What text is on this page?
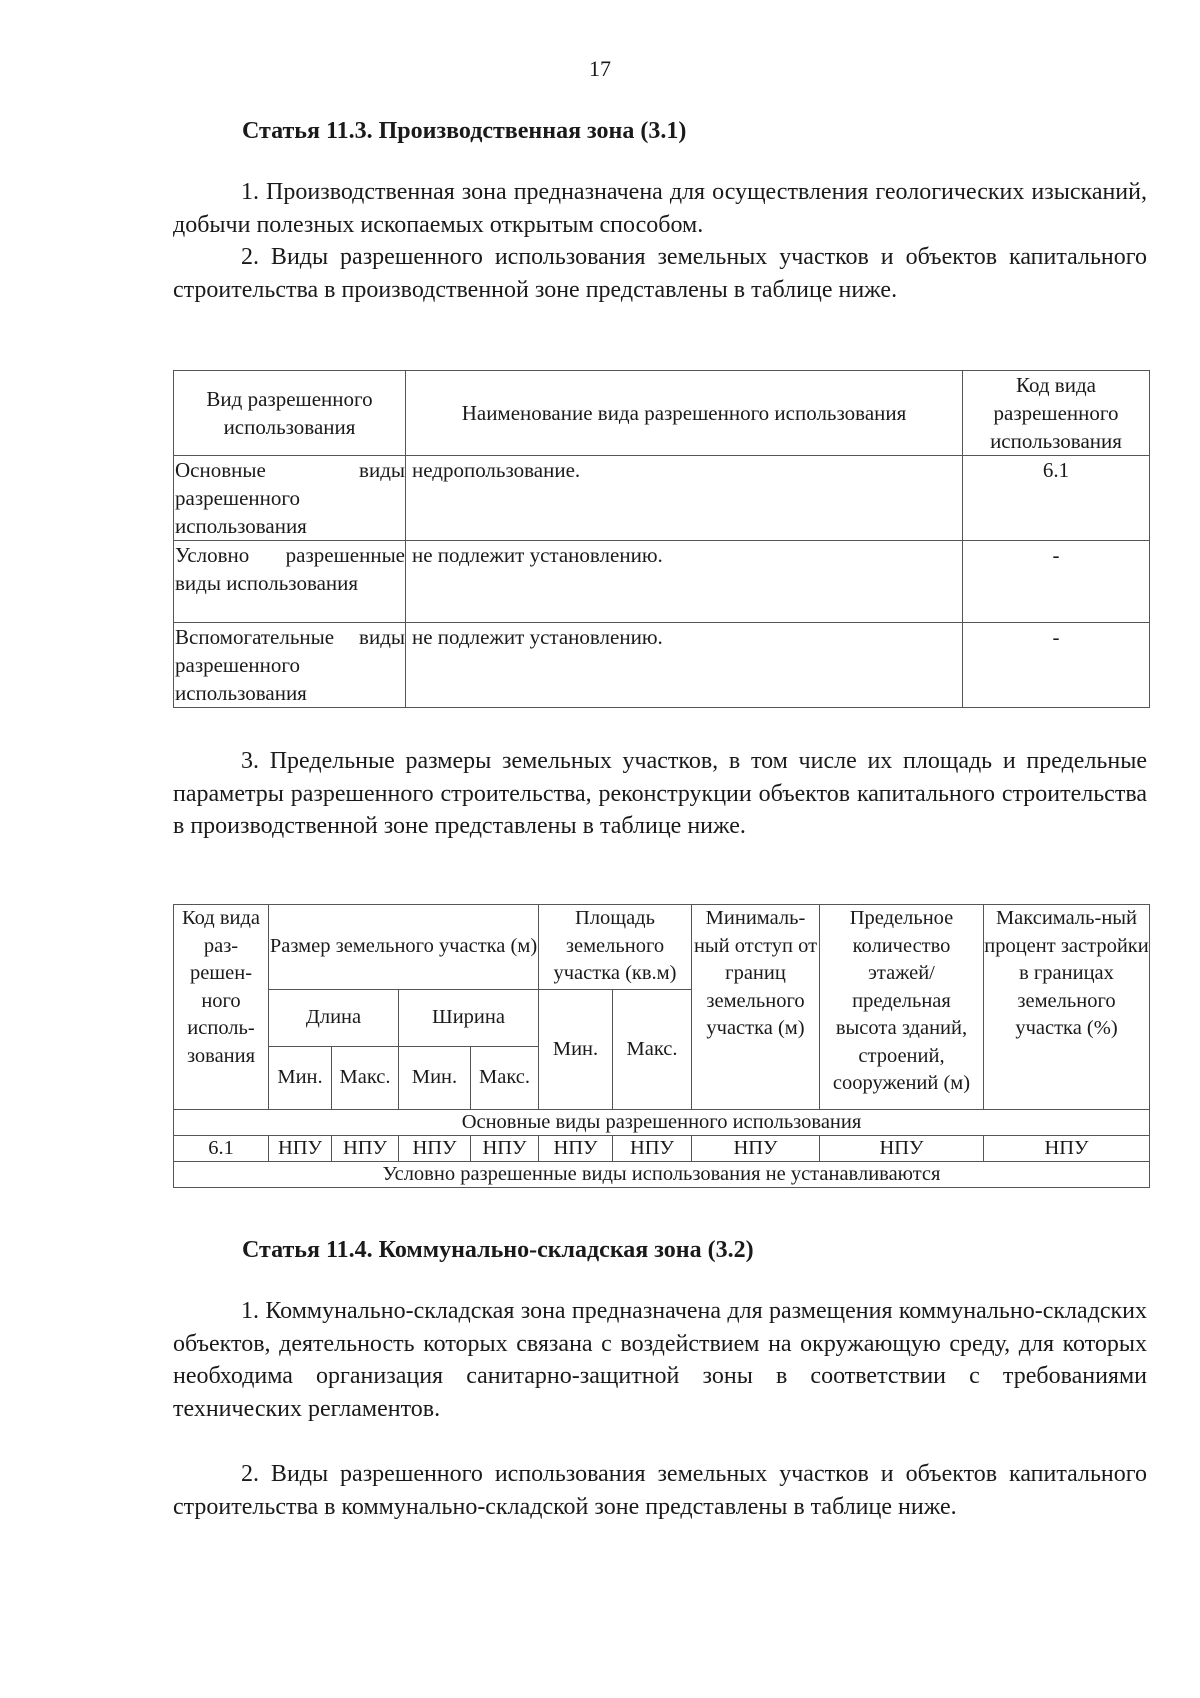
17
Статья 11.3. Производственная зона (3.1)
1. Производственная зона предназначена для осуществления геологических изысканий, добычи полезных ископаемых открытым способом.
2. Виды разрешенного использования земельных участков и объектов капитального строительства в производственной зоне представлены в таблице ниже.
Вид разрешенного использования	Наименование вида разрешенного использования	Код вида разрешенного использования
Основные виды разрешенного использования	недропользование.	6.1
Условно разрешенные виды использования	не подлежит установлению.	-
Вспомогательные виды разрешенного использования	не подлежит установлению.	-
3. Предельные размеры земельных участков, в том числе их площадь и предельные параметры разрешенного строительства, реконструкции объектов капитального строительства в производственной зоне представлены в таблице ниже.
Код вида раз-решен-ного исполь-зования	Размер земельного участка (м)				Площадь земельного участка (кв.м)		Минималь-ный отступ от границ земельного участка (м)	Предельное количество этажей/ предельная высота зданий, строений, сооружений (м)	Максималь-ный процент застройки в границах земельного участка (%)
	Длина		Ширина		Мин.	Макс.			
	Мин.	Макс.	Мин.	Макс.					
Основные виды разрешенного использования									
6.1	НПУ	НПУ	НПУ	НПУ	НПУ	НПУ	НПУ	НПУ	НПУ
Условно разрешенные виды использования не устанавливаются									
Статья 11.4. Коммунально-складская зона (3.2)
1. Коммунально-складская зона предназначена для размещения коммунально-складских объектов, деятельность которых связана с воздействием на окружающую среду, для которых необходима организация санитарно-защитной зоны в соответствии с требованиями технических регламентов.
2. Виды разрешенного использования земельных участков и объектов капитального строительства в коммунально-складской зоне представлены в таблице ниже.
